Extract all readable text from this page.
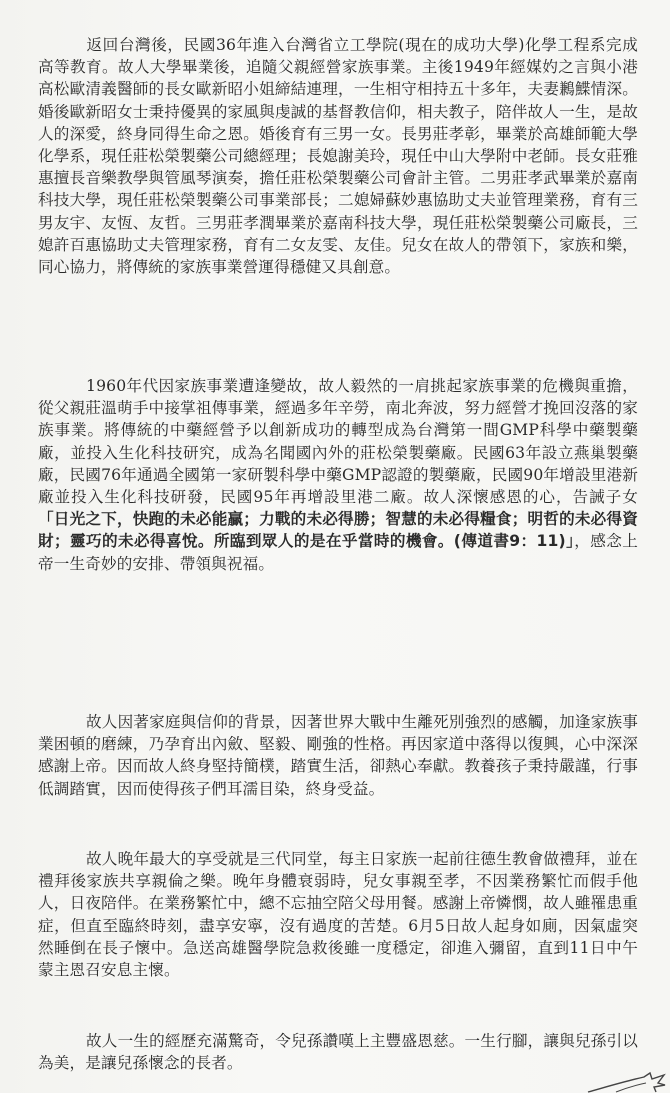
返回台灣後，民國36年進入台灣省立工學院(現在的成功大學)化學工程系完成高等教育。故人大學畢業後，追隨父親經營家族事業。主後1949年經媒妁之言與小港高松歐清義醫師的長女歐新昭小姐締結連理，一生相守相持五十多年，夫妻鶼鰈情深。婚後歐新昭女士秉持優異的家風與虔誠的基督教信仰，相夫教子，陪伴故人一生，是故人的深愛，終身同得生命之恩。婚後育有三男一女。長男莊孝彰，畢業於高雄師範大學化學系，現任莊松榮製藥公司總經理；長媳謝美玲，現任中山大學附中老師。長女莊雅惠擅長音樂教學與管風琴演奏，擔任莊松榮製藥公司會計主管。二男莊孝武畢業於嘉南科技大學，現任莊松榮製藥公司事業部長；二媳婦蘇妙惠協助丈夫並管理業務，育有三男友宇、友恆、友哲。三男莊孝潤畢業於嘉南科技大學，現任莊松榮製藥公司廠長，三媳許百惠協助丈夫管理家務，育有二女友雯、友佳。兒女在故人的帶領下，家族和樂，同心協力，將傳統的家族事業營運得穩健又具創意。

1960年代因家族事業遭逢變故，故人毅然的一肩挑起家族事業的危機與重擔，從父親莊溫萌手中接掌祖傳事業，經過多年辛勞，南北奔波，努力經營才挽回沒落的家族事業。將傳統的中藥經營予以創新成功的轉型成為台灣第一間GMP科學中藥製藥廠，並投入生化科技研究，成為名聞國內外的莊松榮製藥廠。民國63年設立燕巢製藥廠，民國76年通過全國第一家研製科學中藥GMP認證的製藥廠，民國90年增設里港新廠並投入生化科技研發，民國95年再增設里港二廠。故人深懷感恩的心，告誡子女「日光之下，快跑的未必能贏；力戰的未必得勝；智慧的未必得糧食；明哲的未必得資財；靈巧的未必得喜悅。所臨到眾人的是在乎當時的機會。(傳道書9：11)」，感念上帝一生奇妙的安排、帶領與祝福。

故人因著家庭與信仰的背景，因著世界大戰中生離死別強烈的感觸，加逢家族事業困頓的磨練，乃孕育出內斂、堅毅、剛強的性格。再因家道中落得以復興，心中深深感謝上帝。因而故人終身堅持簡樸，踏實生活，卻熱心奉獻。教養孩子秉持嚴謹，行事低調踏實，因而使得孩子們耳濡目染，終身受益。

故人晚年最大的享受就是三代同堂，每主日家族一起前往德生教會做禮拜，並在禮拜後家族共享親倫之樂。晚年身體衰弱時，兒女事親至孝，不因業務繁忙而假手他人，日夜陪伴。在業務繁忙中，總不忘抽空陪父母用餐。感謝上帝憐憫，故人雖罹患重症，但直至臨終時刻，盡享安寧，沒有過度的苦楚。6月5日故人起身如廁，因氣虛突然睡倒在長子懷中。急送高雄醫學院急救後雖一度穩定，卻進入彌留，直到11日中午蒙主恩召安息主懷。

故人一生的經歷充滿驚奇，令兒孫讚嘆上主豐盛恩慈。一生行腳，讓與兒孫引以為美，是讓兒孫懷念的長者。
